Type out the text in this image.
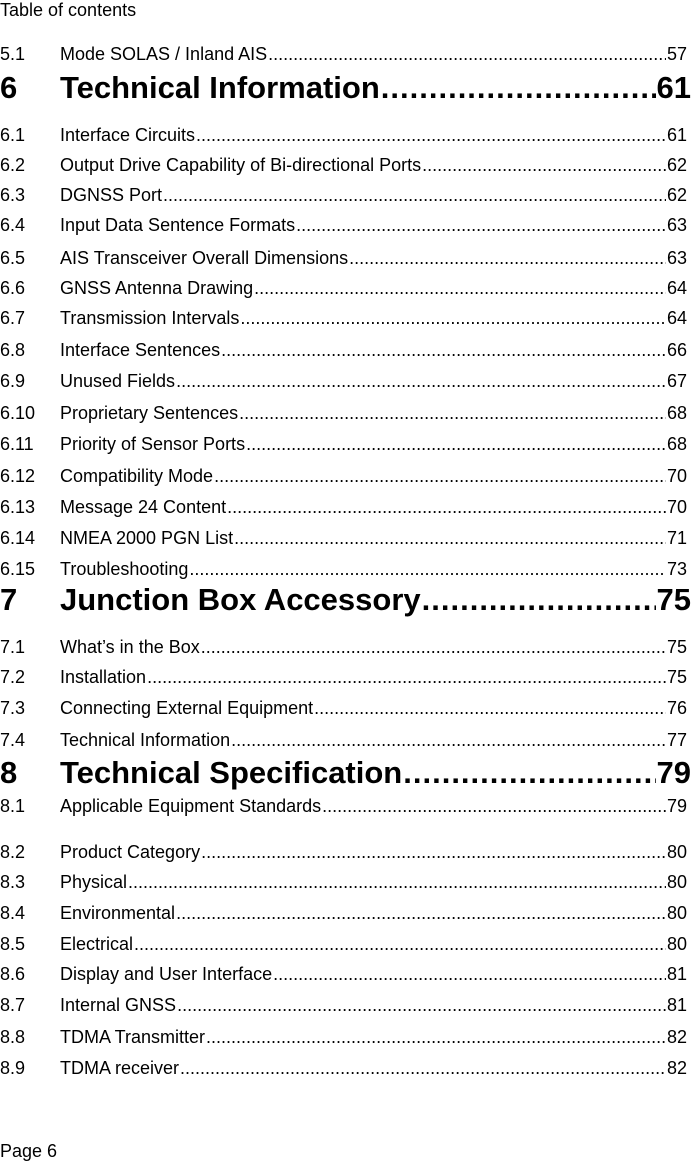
Table of contents
5.1	Mode SOLAS / Inland AIS .....	57
6	Technical Information .....	61
6.1	Interface Circuits .....	61
6.2	Output Drive Capability of Bi-directional Ports .....	62
6.3	DGNSS Port .....	62
6.4	Input Data Sentence Formats .....	63
6.5	AIS Transceiver Overall Dimensions .....	63
6.6	GNSS Antenna Drawing .....	64
6.7	Transmission Intervals .....	64
6.8	Interface Sentences .....	66
6.9	Unused Fields .....	67
6.10	Proprietary Sentences .....	68
6.11	Priority of Sensor Ports .....	68
6.12	Compatibility Mode .....	70
6.13	Message 24 Content .....	70
6.14	NMEA 2000 PGN List .....	71
6.15	Troubleshooting .....	73
7	Junction Box Accessory .....	75
7.1	What’s in the Box .....	75
7.2	Installation .....	75
7.3	Connecting External Equipment .....	76
7.4	Technical Information .....	77
8	Technical Specification .....	79
8.1	Applicable Equipment Standards .....	79
8.2	Product Category .....	80
8.3	Physical .....	80
8.4	Environmental .....	80
8.5	Electrical .....	80
8.6	Display and User Interface .....	81
8.7	Internal GNSS .....	81
8.8	TDMA Transmitter .....	82
8.9	TDMA receiver .....	82
Page 6
